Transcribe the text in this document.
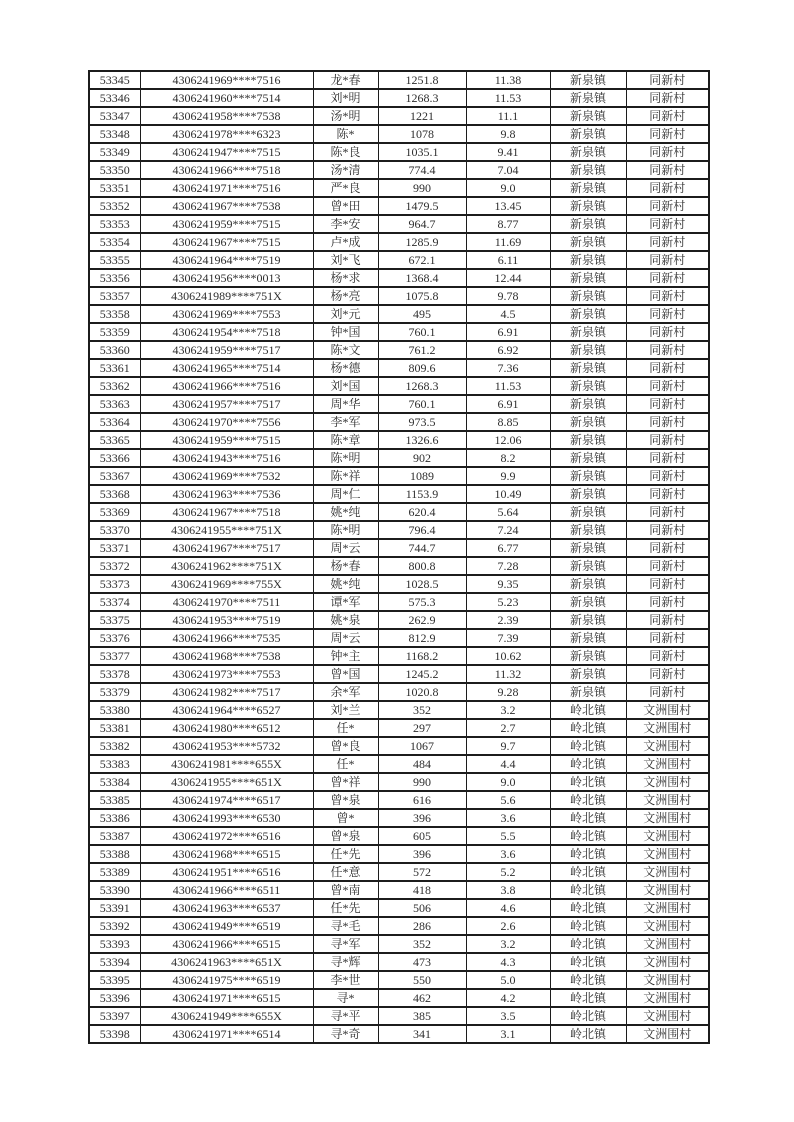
53345	4306241969****7516	龙*春	1251.8	11.38	新泉镇	同新村
53346	4306241960****7514	刘*明	1268.3	11.53	新泉镇	同新村
53347	4306241958****7538	汤*明	1221	11.1	新泉镇	同新村
53348	4306241978****6323	陈*	1078	9.8	新泉镇	同新村
53349	4306241947****7515	陈*良	1035.1	9.41	新泉镇	同新村
53350	4306241966****7518	汤*清	774.4	7.04	新泉镇	同新村
53351	4306241971****7516	严*良	990	9.0	新泉镇	同新村
53352	4306241967****7538	曾*田	1479.5	13.45	新泉镇	同新村
53353	4306241959****7515	李*安	964.7	8.77	新泉镇	同新村
53354	4306241967****7515	卢*成	1285.9	11.69	新泉镇	同新村
53355	4306241964****7519	刘*飞	672.1	6.11	新泉镇	同新村
53356	4306241956****0013	杨*求	1368.4	12.44	新泉镇	同新村
53357	4306241989****751X	杨*亮	1075.8	9.78	新泉镇	同新村
53358	4306241969****7553	刘*元	495	4.5	新泉镇	同新村
53359	4306241954****7518	钟*国	760.1	6.91	新泉镇	同新村
53360	4306241959****7517	陈*文	761.2	6.92	新泉镇	同新村
53361	4306241965****7514	杨*德	809.6	7.36	新泉镇	同新村
53362	4306241966****7516	刘*国	1268.3	11.53	新泉镇	同新村
53363	4306241957****7517	周*华	760.1	6.91	新泉镇	同新村
53364	4306241970****7556	李*军	973.5	8.85	新泉镇	同新村
53365	4306241959****7515	陈*章	1326.6	12.06	新泉镇	同新村
53366	4306241943****7516	陈*明	902	8.2	新泉镇	同新村
53367	4306241969****7532	陈*祥	1089	9.9	新泉镇	同新村
53368	4306241963****7536	周*仁	1153.9	10.49	新泉镇	同新村
53369	4306241967****7518	姚*纯	620.4	5.64	新泉镇	同新村
53370	4306241955****751X	陈*明	796.4	7.24	新泉镇	同新村
53371	4306241967****7517	周*云	744.7	6.77	新泉镇	同新村
53372	4306241962****751X	杨*春	800.8	7.28	新泉镇	同新村
53373	4306241969****755X	姚*纯	1028.5	9.35	新泉镇	同新村
53374	4306241970****7511	谭*军	575.3	5.23	新泉镇	同新村
53375	4306241953****7519	姚*泉	262.9	2.39	新泉镇	同新村
53376	4306241966****7535	周*云	812.9	7.39	新泉镇	同新村
53377	4306241968****7538	钟*主	1168.2	10.62	新泉镇	同新村
53378	4306241973****7553	曾*国	1245.2	11.32	新泉镇	同新村
53379	4306241982****7517	余*军	1020.8	9.28	新泉镇	同新村
53380	4306241964****6527	刘*兰	352	3.2	岭北镇	文洲围村
53381	4306241980****6512	任*	297	2.7	岭北镇	文洲围村
53382	4306241953****5732	曾*良	1067	9.7	岭北镇	文洲围村
53383	4306241981****655X	任*	484	4.4	岭北镇	文洲围村
53384	4306241955****651X	曾*祥	990	9.0	岭北镇	文洲围村
53385	4306241974****6517	曾*泉	616	5.6	岭北镇	文洲围村
53386	4306241993****6530	曾*	396	3.6	岭北镇	文洲围村
53387	4306241972****6516	曾*泉	605	5.5	岭北镇	文洲围村
53388	4306241968****6515	任*先	396	3.6	岭北镇	文洲围村
53389	4306241951****6516	任*意	572	5.2	岭北镇	文洲围村
53390	4306241966****6511	曾*南	418	3.8	岭北镇	文洲围村
53391	4306241963****6537	任*先	506	4.6	岭北镇	文洲围村
53392	4306241949****6519	寻*毛	286	2.6	岭北镇	文洲围村
53393	4306241966****6515	寻*军	352	3.2	岭北镇	文洲围村
53394	4306241963****651X	寻*辉	473	4.3	岭北镇	文洲围村
53395	4306241975****6519	李*世	550	5.0	岭北镇	文洲围村
53396	4306241971****6515	寻*	462	4.2	岭北镇	文洲围村
53397	4306241949****655X	寻*平	385	3.5	岭北镇	文洲围村
53398	4306241971****6514	寻*奇	341	3.1	岭北镇	文洲围村
